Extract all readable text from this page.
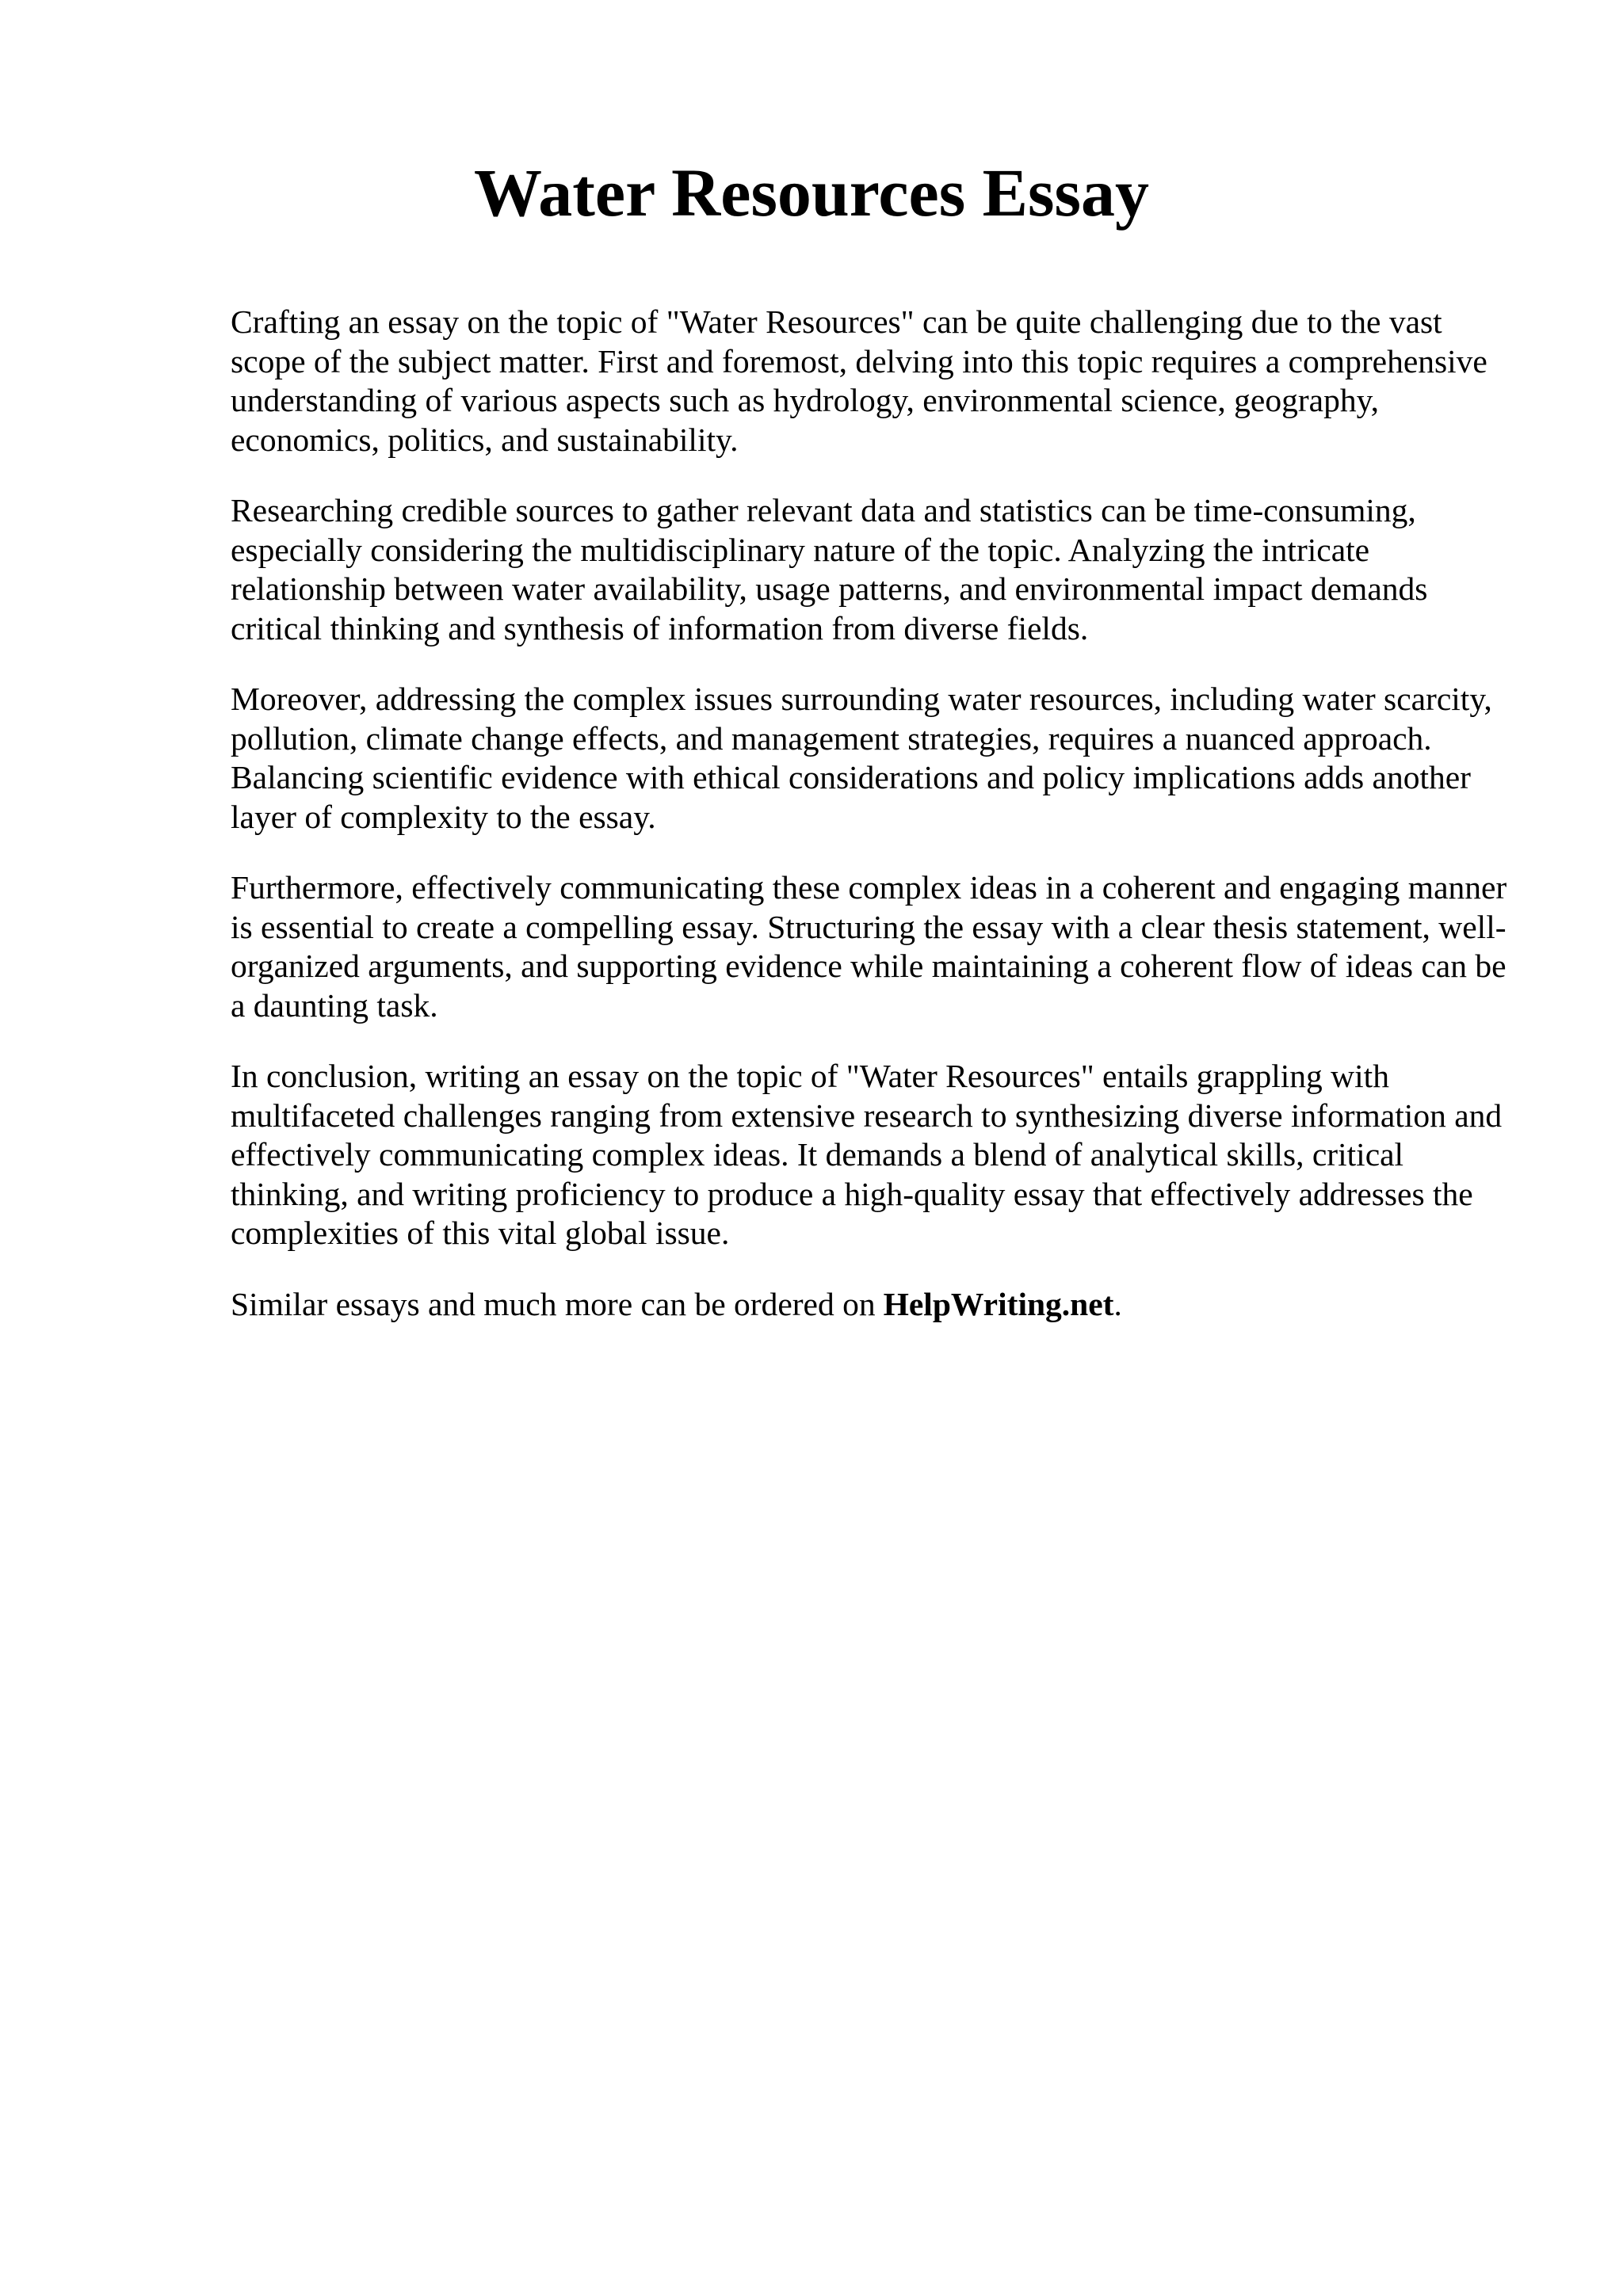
Water Resources Essay

Crafting an essay on the topic of "Water Resources" can be quite challenging due to the vast scope of the subject matter. First and foremost, delving into this topic requires a comprehensive understanding of various aspects such as hydrology, environmental science, geography, economics, politics, and sustainability.

Researching credible sources to gather relevant data and statistics can be time-consuming, especially considering the multidisciplinary nature of the topic. Analyzing the intricate relationship between water availability, usage patterns, and environmental impact demands critical thinking and synthesis of information from diverse fields.

Moreover, addressing the complex issues surrounding water resources, including water scarcity, pollution, climate change effects, and management strategies, requires a nuanced approach. Balancing scientific evidence with ethical considerations and policy implications adds another layer of complexity to the essay.

Furthermore, effectively communicating these complex ideas in a coherent and engaging manner is essential to create a compelling essay. Structuring the essay with a clear thesis statement, well-organized arguments, and supporting evidence while maintaining a coherent flow of ideas can be a daunting task.

In conclusion, writing an essay on the topic of "Water Resources" entails grappling with multifaceted challenges ranging from extensive research to synthesizing diverse information and effectively communicating complex ideas. It demands a blend of analytical skills, critical thinking, and writing proficiency to produce a high-quality essay that effectively addresses the complexities of this vital global issue.

Similar essays and much more can be ordered on HelpWriting.net.
